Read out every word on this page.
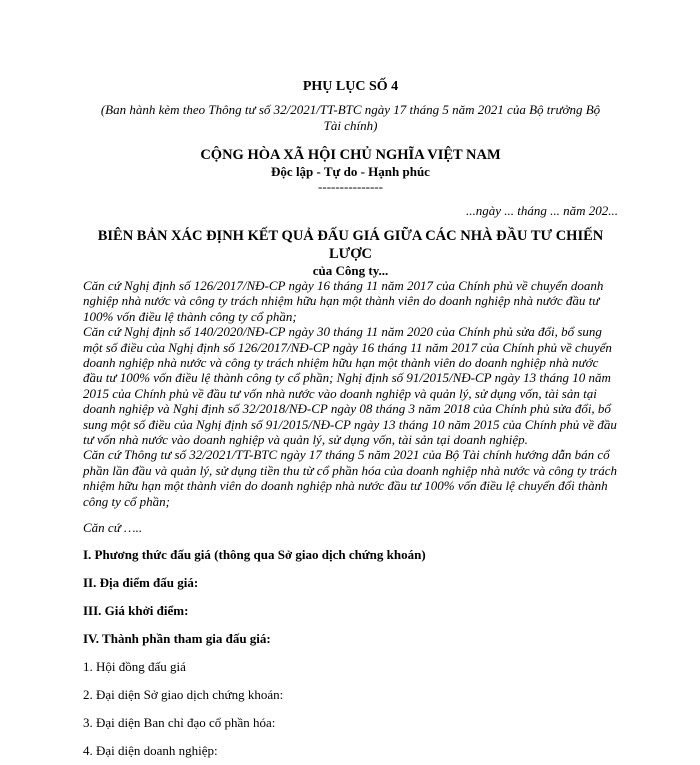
PHỤ LỤC SỐ 4

(Ban hành kèm theo Thông tư số 32/2021/TT-BTC ngày 17 tháng 5 năm 2021 của Bộ trưởng Bộ Tài chính)

CỘNG HÒA XÃ HỘI CHỦ NGHĨA VIỆT NAM

Độc lập - Tự do - Hạnh phúc

---------------

...ngày ... tháng ... năm 202...

BIÊN BẢN XÁC ĐỊNH KẾT QUẢ ĐẤU GIÁ GIỮA CÁC NHÀ ĐẦU TƯ CHIẾN LƯỢC

của Công ty...

Căn cứ Nghị định số 126/2017/NĐ-CP ngày 16 tháng 11 năm 2017 của Chính phủ về chuyển doanh nghiệp nhà nước và công ty trách nhiệm hữu hạn một thành viên do doanh nghiệp nhà nước đầu tư 100% vốn điều lệ thành công ty cổ phần;

Căn cứ Nghị định số 140/2020/NĐ-CP ngày 30 tháng 11 năm 2020 của Chính phủ sửa đổi, bổ sung một số điều của Nghị định số 126/2017/NĐ-CP ngày 16 tháng 11 năm 2017 của Chính phủ về chuyển doanh nghiệp nhà nước và công ty trách nhiệm hữu hạn một thành viên do doanh nghiệp nhà nước đầu tư 100% vốn điều lệ thành công ty cổ phần; Nghị định số 91/2015/NĐ-CP ngày 13 tháng 10 năm 2015 của Chính phủ về đầu tư vốn nhà nước vào doanh nghiệp và quản lý, sử dụng vốn, tài sản tại doanh nghiệp và Nghị định số 32/2018/NĐ-CP ngày 08 tháng 3 năm 2018 của Chính phủ sửa đổi, bổ sung một số điều của Nghị định số 91/2015/NĐ-CP ngày 13 tháng 10 năm 2015 của Chính phủ về đầu tư vốn nhà nước vào doanh nghiệp và quản lý, sử dụng vốn, tài sản tại doanh nghiệp.

Căn cứ Thông tư số 32/2021/TT-BTC ngày 17 tháng 5 năm 2021 của Bộ Tài chính hướng dẫn bán cổ phần lần đầu và quản lý, sử dụng tiền thu từ cổ phần hóa của doanh nghiệp nhà nước và công ty trách nhiệm hữu hạn một thành viên do doanh nghiệp nhà nước đầu tư 100% vốn điều lệ chuyển đổi thành công ty cổ phần;

Căn cứ …..

I. Phương thức đấu giá (thông qua Sở giao dịch chứng khoán)

II. Địa điểm đấu giá:

III. Giá khởi điểm:

IV. Thành phần tham gia đấu giá:

1. Hội đồng đấu giá

2. Đại diện Sở giao dịch chứng khoán:

3. Đại diện Ban chỉ đạo cổ phần hóa:

4. Đại diện doanh nghiệp:
